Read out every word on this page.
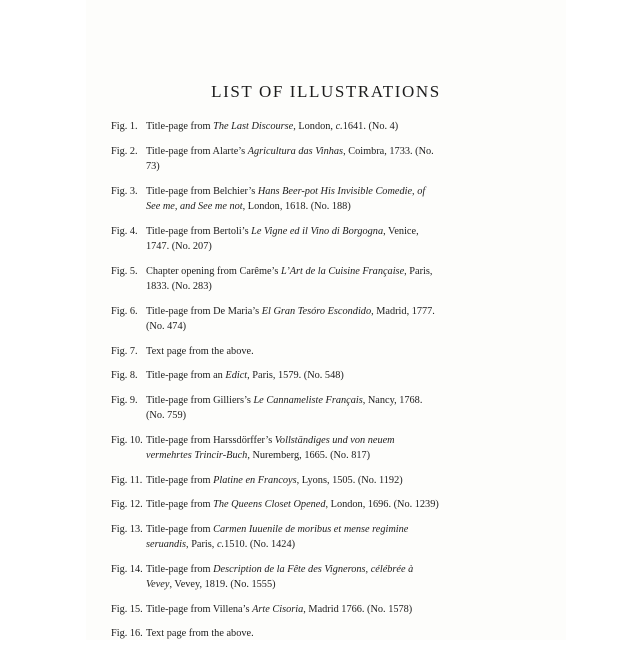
LIST OF ILLUSTRATIONS
Fig. 1. Title-page from The Last Discourse, London, c.1641. (No. 4)
Fig. 2. Title-page from Alarte’s Agricultura das Vinhas, Coimbra, 1733. (No. 73)
Fig. 3. Title-page from Belchier’s Hans Beer-pot His Invisible Comedie, of See me, and See me not, London, 1618. (No. 188)
Fig. 4. Title-page from Bertoli’s Le Vigne ed il Vino di Borgogna, Venice, 1747. (No. 207)
Fig. 5. Chapter opening from Carême’s L’Art de la Cuisine Française, Paris, 1833. (No. 283)
Fig. 6. Title-page from De Maria’s El Gran Tesóro Escondido, Madrid, 1777. (No. 474)
Fig. 7. Text page from the above.
Fig. 8. Title-page from an Edict, Paris, 1579. (No. 548)
Fig. 9. Title-page from Gilliers’s Le Cannameliste Français, Nancy, 1768. (No. 759)
Fig. 10. Title-page from Harssdörffer’s Vollständiges und von neuem vermehrtes Trincir-Buch, Nuremberg, 1665. (No. 817)
Fig. 11. Title-page from Platine en Francoys, Lyons, 1505. (No. 1192)
Fig. 12. Title-page from The Queens Closet Opened, London, 1696. (No. 1239)
Fig. 13. Title-page from Carmen Iuuenile de moribus et mense regimine seruandis, Paris, c.1510. (No. 1424)
Fig. 14. Title-page from Description de la Fête des Vignerons, célébrée à Vevey, Vevey, 1819. (No. 1555)
Fig. 15. Title-page from Villena’s Arte Cisoria, Madrid 1766. (No. 1578)
Fig. 16. Text page from the above.
